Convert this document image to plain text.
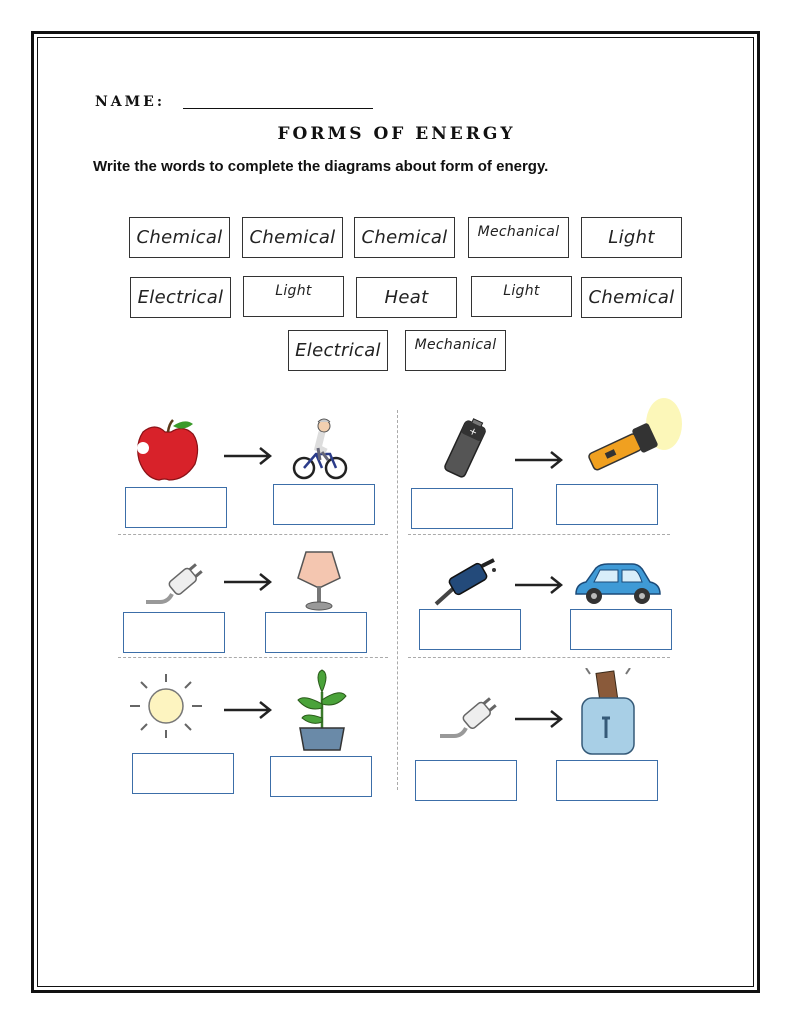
NAME:
FORMS OF ENERGY
Write the words to complete the diagrams about form of energy.
Chemical	Chemical	Chemical	Mechanical	Light
Electrical	Light	Heat	Light	Chemical
Electrical	Mechanical
+
